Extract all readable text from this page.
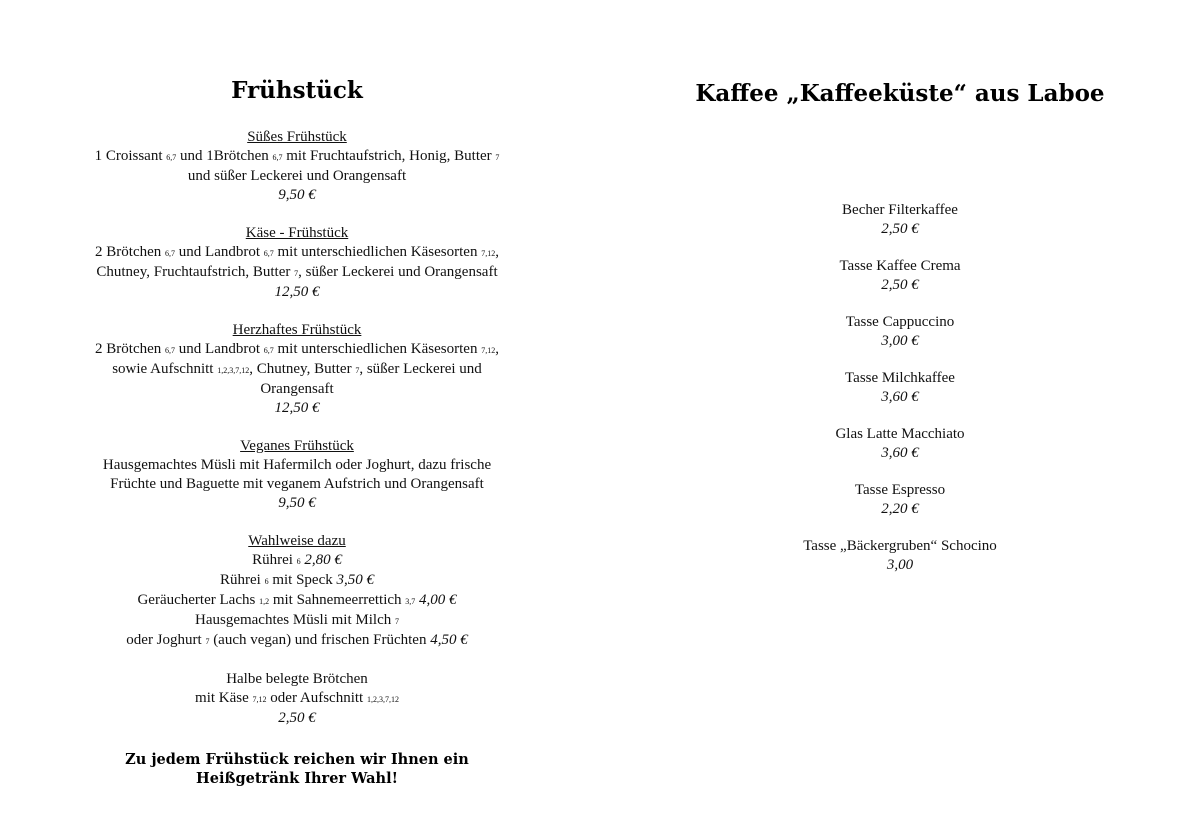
Frühstück
Süßes Frühstück
1 Croissant 6,7 und 1Brötchen 6,7 mit Fruchtaufstrich, Honig, Butter 7
und süßer Leckerei und Orangensaft
9,50 €
Käse - Frühstück
2 Brötchen 6,7 und Landbrot 6,7 mit unterschiedlichen Käsesorten 7,12,
Chutney, Fruchtaufstrich, Butter 7, süßer Leckerei und Orangensaft
12,50 €
Herzhaftes Frühstück
2 Brötchen 6,7 und Landbrot 6,7 mit unterschiedlichen Käsesorten 7,12,
sowie Aufschnitt 1,2,3,7,12, Chutney, Butter 7, süßer Leckerei und
Orangensaft
12,50 €
Veganes Frühstück
Hausgemachtes Müsli mit Hafermilch oder Joghurt, dazu frische
Früchte und Baguette mit veganem Aufstrich und Orangensaft
9,50 €
Wahlweise dazu
Rührei 6 2,80 €
Rührei 6 mit Speck 3,50 €
Geräucherter Lachs 1,2 mit Sahnemeerrettich 3,7 4,00 €
Hausgemachtes Müsli mit Milch 7
oder Joghurt 7 (auch vegan) und frischen Früchten 4,50 €
Halbe belegte Brötchen
mit Käse 7,12 oder Aufschnitt 1,2,3,7,12
2,50 €
Zu jedem Frühstück reichen wir Ihnen ein
Heißgetränk Ihrer Wahl!
Kaffee „Kaffeeküste“ aus Laboe
Becher Filterkaffee
2,50 €
Tasse Kaffee Crema
2,50 €
Tasse Cappuccino
3,00 €
Tasse Milchkaffee
3,60 €
Glas Latte Macchiato
3,60 €
Tasse Espresso
2,20 €
Tasse „Bäckergruben“ Schocino
3,00
